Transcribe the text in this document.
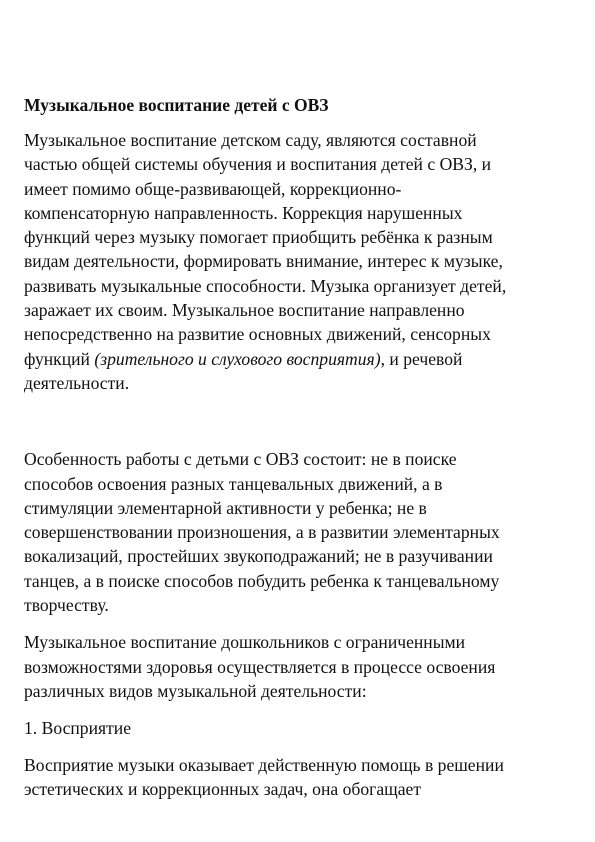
Музыкальное воспитание детей с ОВЗ

Музыкальное воспитание детском саду, являются составной
частью общей системы обучения и воспитания детей с ОВЗ, и
имеет помимо обще-развивающей, коррекционно-
компенсаторную направленность. Коррекция нарушенных
функций через музыку помогает приобщить ребёнка к разным
видам деятельности, формировать внимание, интерес к музыке,
развивать музыкальные способности. Музыка организует детей,
заражает их своим. Музыкальное воспитание направленно
непосредственно на развитие основных движений, сенсорных
функций (зрительного и слухового восприятия), и речевой
деятельности.

Особенность работы с детьми с ОВЗ состоит: не в поиске
способов освоения разных танцевальных движений, а в
стимуляции элементарной активности у ребенка; не в
совершенствовании произношения, а в развитии элементарных
вокализаций, простейших звукоподражаний; не в разучивании
танцев, а в поиске способов побудить ребенка к танцевальному
творчеству.

Музыкальное воспитание дошкольников с ограниченными
возможностями здоровья осуществляется в процессе освоения
различных видов музыкальной деятельности:

1. Восприятие

Восприятие музыки оказывает действенную помощь в решении
эстетических и коррекционных задач, она обогащает
